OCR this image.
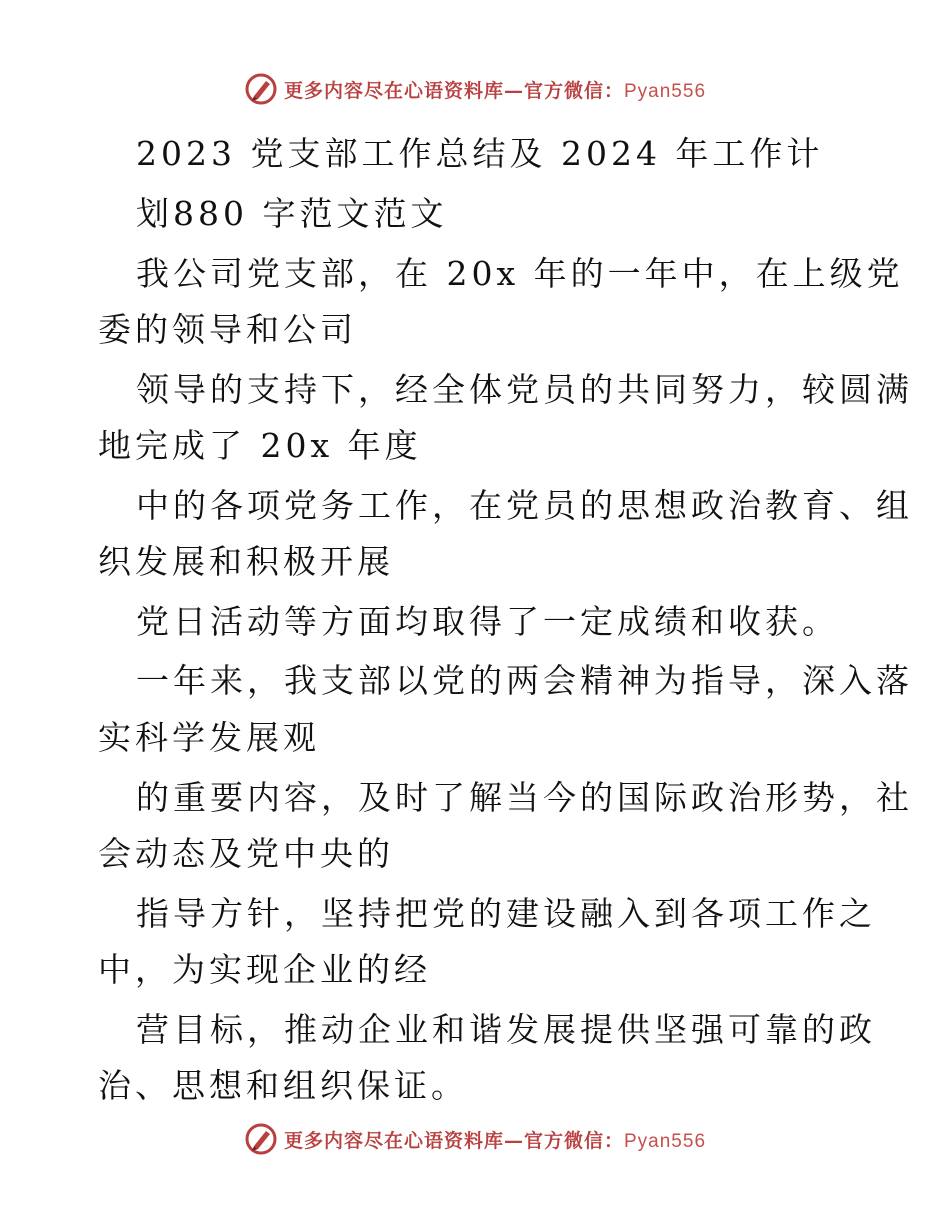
更多内容尽在心语资料库—官方微信：Pyan556
2023 党支部工作总结及 2024 年工作计
划880 字范文范文
我公司党支部，在 20x 年的一年中，在上级党
委的领导和公司
领导的支持下，经全体党员的共同努力，较圆满
地完成了 20x 年度
中的各项党务工作，在党员的思想政治教育、组
织发展和积极开展
党日活动等方面均取得了一定成绩和收获。
一年来，我支部以党的两会精神为指导，深入落
实科学发展观
的重要内容，及时了解当今的国际政治形势，社
会动态及党中央的
指导方针，坚持把党的建设融入到各项工作之
中，为实现企业的经
营目标，推动企业和谐发展提供坚强可靠的政
治、思想和组织保证。
更多内容尽在心语资料库—官方微信：Pyan556
